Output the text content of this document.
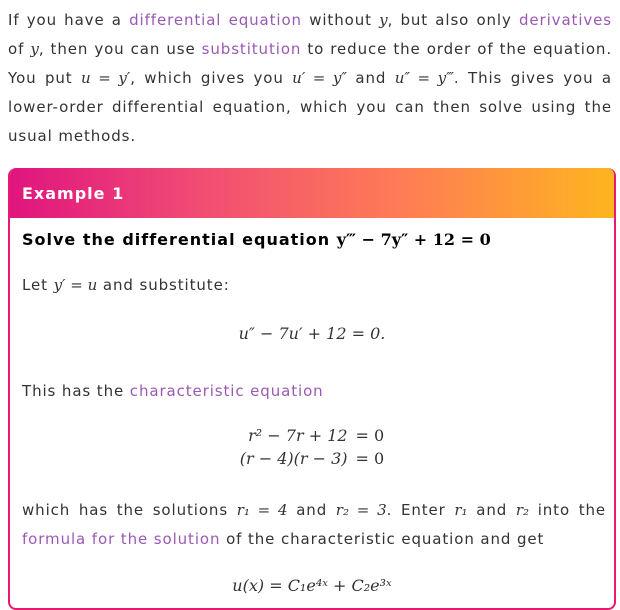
If you have a differential equation without y, but also only derivatives of y, then you can use substitution to reduce the order of the equation. You put u = y′, which gives you u′ = y″ and u″ = y‴. This gives you a lower-order differential equation, which you can then solve using the usual methods.
Example 1
Solve the differential equation y‴ − 7y″ + 12 = 0
Let y′ = u and substitute:
u″ − 7u′ + 12 = 0.
This has the characteristic equation
r² − 7r + 12	= 0
(r − 4)(r − 3)	= 0
which has the solutions r₁ = 4 and r₂ = 3. Enter r₁ and r₂ into the formula for the solution of the characteristic equation and get
u(x) = C₁e⁴ˣ + C₂e³ˣ
